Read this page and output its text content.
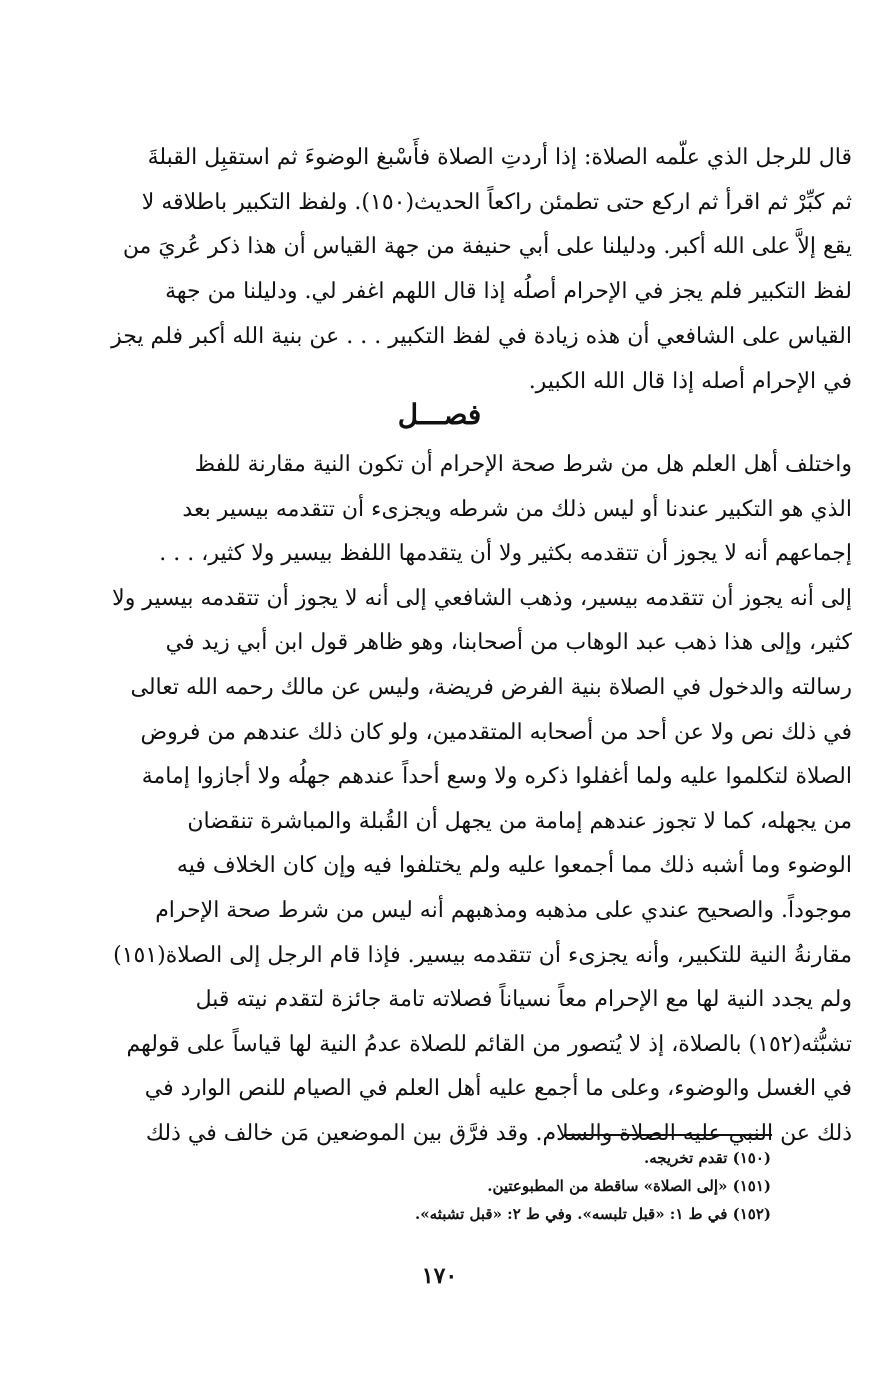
قال للرجل الذي علّمه الصلاة: إذا أردتِ الصلاة فأَسْبغ الوضوءَ ثم استقبِل القبلةَ
ثم كبِّرْ ثم اقرأ ثم اركع حتى تطمئن راكعاً الحديث(١٥٠). ولفظ التكبير باطلاقه لا
يقع إلاَّ على الله أكبر. ودليلنا على أبي حنيفة من جهة القياس أن هذا ذكر عُريَ من
لفظ التكبير فلم يجز في الإحرام أصلُه إذا قال اللهم اغفر لي. ودليلنا من جهة
القياس على الشافعي أن هذه زيادة في لفظ التكبير . . . عن بنية الله أكبر فلم يجز
في الإحرام أصله إذا قال الله الكبير.
فصـــل
واختلف أهل العلم هل من شرط صحة الإحرام أن تكون النية مقارنة للفظ
الذي هو التكبير عندنا أو ليس ذلك من شرطه ويجزىء أن تتقدمه بيسير بعد
إجماعهم أنه لا يجوز أن تتقدمه بكثير ولا أن يتقدمها اللفظ بيسير ولا كثير، . . .
إلى أنه يجوز أن تتقدمه بيسير، وذهب الشافعي إلى أنه لا يجوز أن تتقدمه بيسير ولا
كثير، وإلى هذا ذهب عبد الوهاب من أصحابنا، وهو ظاهر قول ابن أبي زيد في
رسالته والدخول في الصلاة بنية الفرض فريضة، وليس عن مالك رحمه الله تعالى
في ذلك نص ولا عن أحد من أصحابه المتقدمين، ولو كان ذلك عندهم من فروض
الصلاة لتكلموا عليه ولما أغفلوا ذكره ولا وسع أحداً عندهم جهلُه ولا أجازوا إمامة
من يجهله، كما لا تجوز عندهم إمامة من يجهل أن القُبلة والمباشرة تنقضان
الوضوء وما أشبه ذلك مما أجمعوا عليه ولم يختلفوا فيه وإن كان الخلاف فيه
موجوداً. والصحيح عندي على مذهبه ومذهبهم أنه ليس من شرط صحة الإحرام
مقارنةُ النية للتكبير، وأنه يجزىء أن تتقدمه بيسير. فإذا قام الرجل إلى الصلاة(١٥١)
ولم يجدد النية لها مع الإحرام معاً نسياناً فصلاته تامة جائزة لتقدم نيته قبل
تشبُّثه(١٥٢) بالصلاة، إذ لا يُتصور من القائم للصلاة عدمُ النية لها قياساً على قولهم
في الغسل والوضوء، وعلى ما أجمع عليه أهل العلم في الصيام للنص الوارد في
ذلك عن النبي عليه الصلاة والسلام. وقد فرَّق بين الموضعين مَن خالف في ذلك
(١٥٠) تقدم تخريجه.
(١٥١) «إلى الصلاة» ساقطة من المطبوعتين.
(١٥٢) في ط ١: «قبل تلبسه». وفي ط ٢: «قبل تشبثه».
١٧٠
